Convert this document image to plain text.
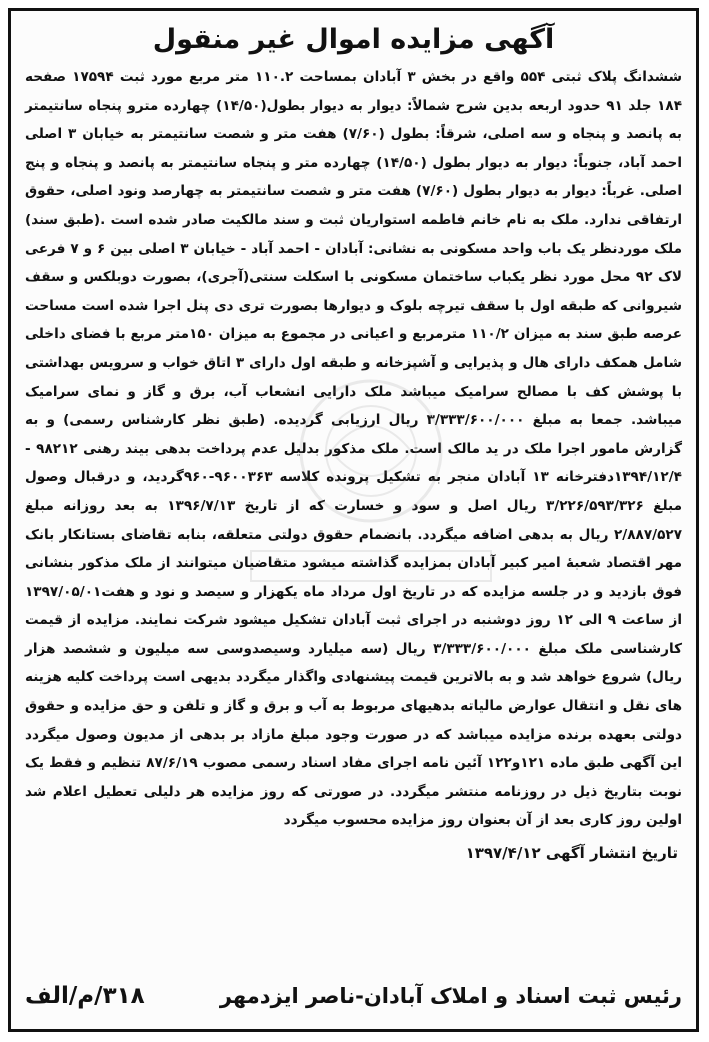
آگهی مزایده اموال غیر منقول

ششدانگ پلاک ثبتی ۵۵۴ واقع در بخش ۳ آبادان بمساحت ۱۱۰.۲ متر مربع مورد ثبت ۱۷۵۹۴ صفحه ۱۸۴ جلد ۹۱ حدود اربعه بدین شرح شمالاً: دیوار به دیوار بطول(۱۴/۵۰) چهارده مترو پنجاه سانتیمتر به پانصد و پنجاه و سه اصلی، شرقاً: بطول (۷/۶۰) هفت متر و شصت سانتیمتر به خیابان ۳ اصلی احمد آباد، جنوباً: دیوار به دیوار بطول (۱۴/۵۰) چهارده متر و پنجاه سانتیمتر به پانصد و پنجاه و پنج اصلی. غرباً: دیوار به دیوار بطول (۷/۶۰) هفت متر و شصت سانتیمتر به چهارصد ونود اصلی، حقوق ارتفاقی ندارد. ملک به نام خانم فاطمه استواریان ثبت و سند مالکیت صادر شده است .(طبق سند) ملک موردنظر یک باب واحد مسکونی به نشانی: آبادان - احمد آباد - خیابان ۳ اصلی بین ۶ و ۷ فرعی لاک ۹۲ محل مورد نظر یکباب ساختمان مسکونی با اسکلت سنتی(آجری)، بصورت دوبلکس و سقف شیروانی که طبقه اول با سقف تیرچه بلوک و دیوارها بصورت تری دی پنل اجرا شده است مساحت عرصه طبق سند به میزان ۱۱۰/۲ مترمربع و اعیانی در مجموع به میزان ۱۵۰متر مربع با فضای داخلی شامل همکف دارای هال و پذیرایی و آشپزخانه و طبقه اول دارای ۳ اتاق خواب و سرویس بهداشتی با پوشش کف با مصالح سرامیک میباشد ملک دارایی انشعاب آب، برق و گاز و نمای سرامیک میباشد. جمعا به مبلغ ۳/۳۳۳/۶۰۰/۰۰۰ ریال ارزیابی گردیده. (طبق نظر کارشناس رسمی) و به گزارش مامور اجرا ملک در ید مالک است. ملک مذکور بدلیل عدم پرداخت بدهی بیند رهنی ۹۸۲۱۲ - ۱۳۹۴/۱۲/۴دفترخانه ۱۳ آبادان منجر به تشکیل پرونده کلاسه ۹۶۰۰۳۶۳-۹۶۰گردید، و درقبال وصول مبلغ ۳/۲۲۶/۵۹۳/۳۲۶ ریال اصل و سود و خسارت که از تاریخ ۱۳۹۶/۷/۱۳ به بعد روزانه مبلغ ۲/۸۸۷/۵۲۷ ریال به بدهی اضافه میگردد. بانضمام حقوق دولتی متعلقه، بنابه تقاضای بستانکار بانک مهر اقتصاد شعبهٔ امیر کبیر آبادان بمزایده گذاشته میشود متقاضیان میتوانند از ملک مذکور بنشانی فوق بازدید و در جلسه مزایده که در تاریخ اول مرداد ماه یکهزار و سیصد و نود و هفت۱۳۹۷/۰۵/۰۱ از ساعت ۹ الی ۱۲ روز دوشنبه در اجرای ثبت آبادان تشکیل میشود شرکت نمایند. مزایده از قیمت کارشناسی ملک مبلغ ۳/۳۳۳/۶۰۰/۰۰۰ ریال (سه میلیارد وسیصدوسی سه میلیون و ششصد هزار ریال) شروع خواهد شد و به بالاترین قیمت پیشنهادی واگذار میگردد بدیهی است پرداخت کلیه هزینه های نقل و انتقال عوارض مالیاته بدهیهای مربوط به آب و برق و گاز و تلفن و حق مزایده و حقوق دولتی بعهده برنده مزایده میباشد که در صورت وجود مبلغ مازاد بر بدهی از مدیون وصول میگردد این آگهی طبق ماده ۱۲۱و۱۲۲ آئین نامه اجرای مفاد اسناد رسمی مصوب ۸۷/۶/۱۹ تنظیم و فقط یک نوبت بتاریخ ذیل در روزنامه منتشر میگردد. در صورتی که روز مزایده هر دلیلی تعطیل اعلام شد اولین روز کاری بعد از آن بعنوان روز مزایده محسوب میگردد

تاریخ انتشار آگهی ۱۳۹۷/۴/۱۲
رئیس ثبت اسناد و املاک آبادان-ناصر ایزدمهر
۳۱۸/م/الف
